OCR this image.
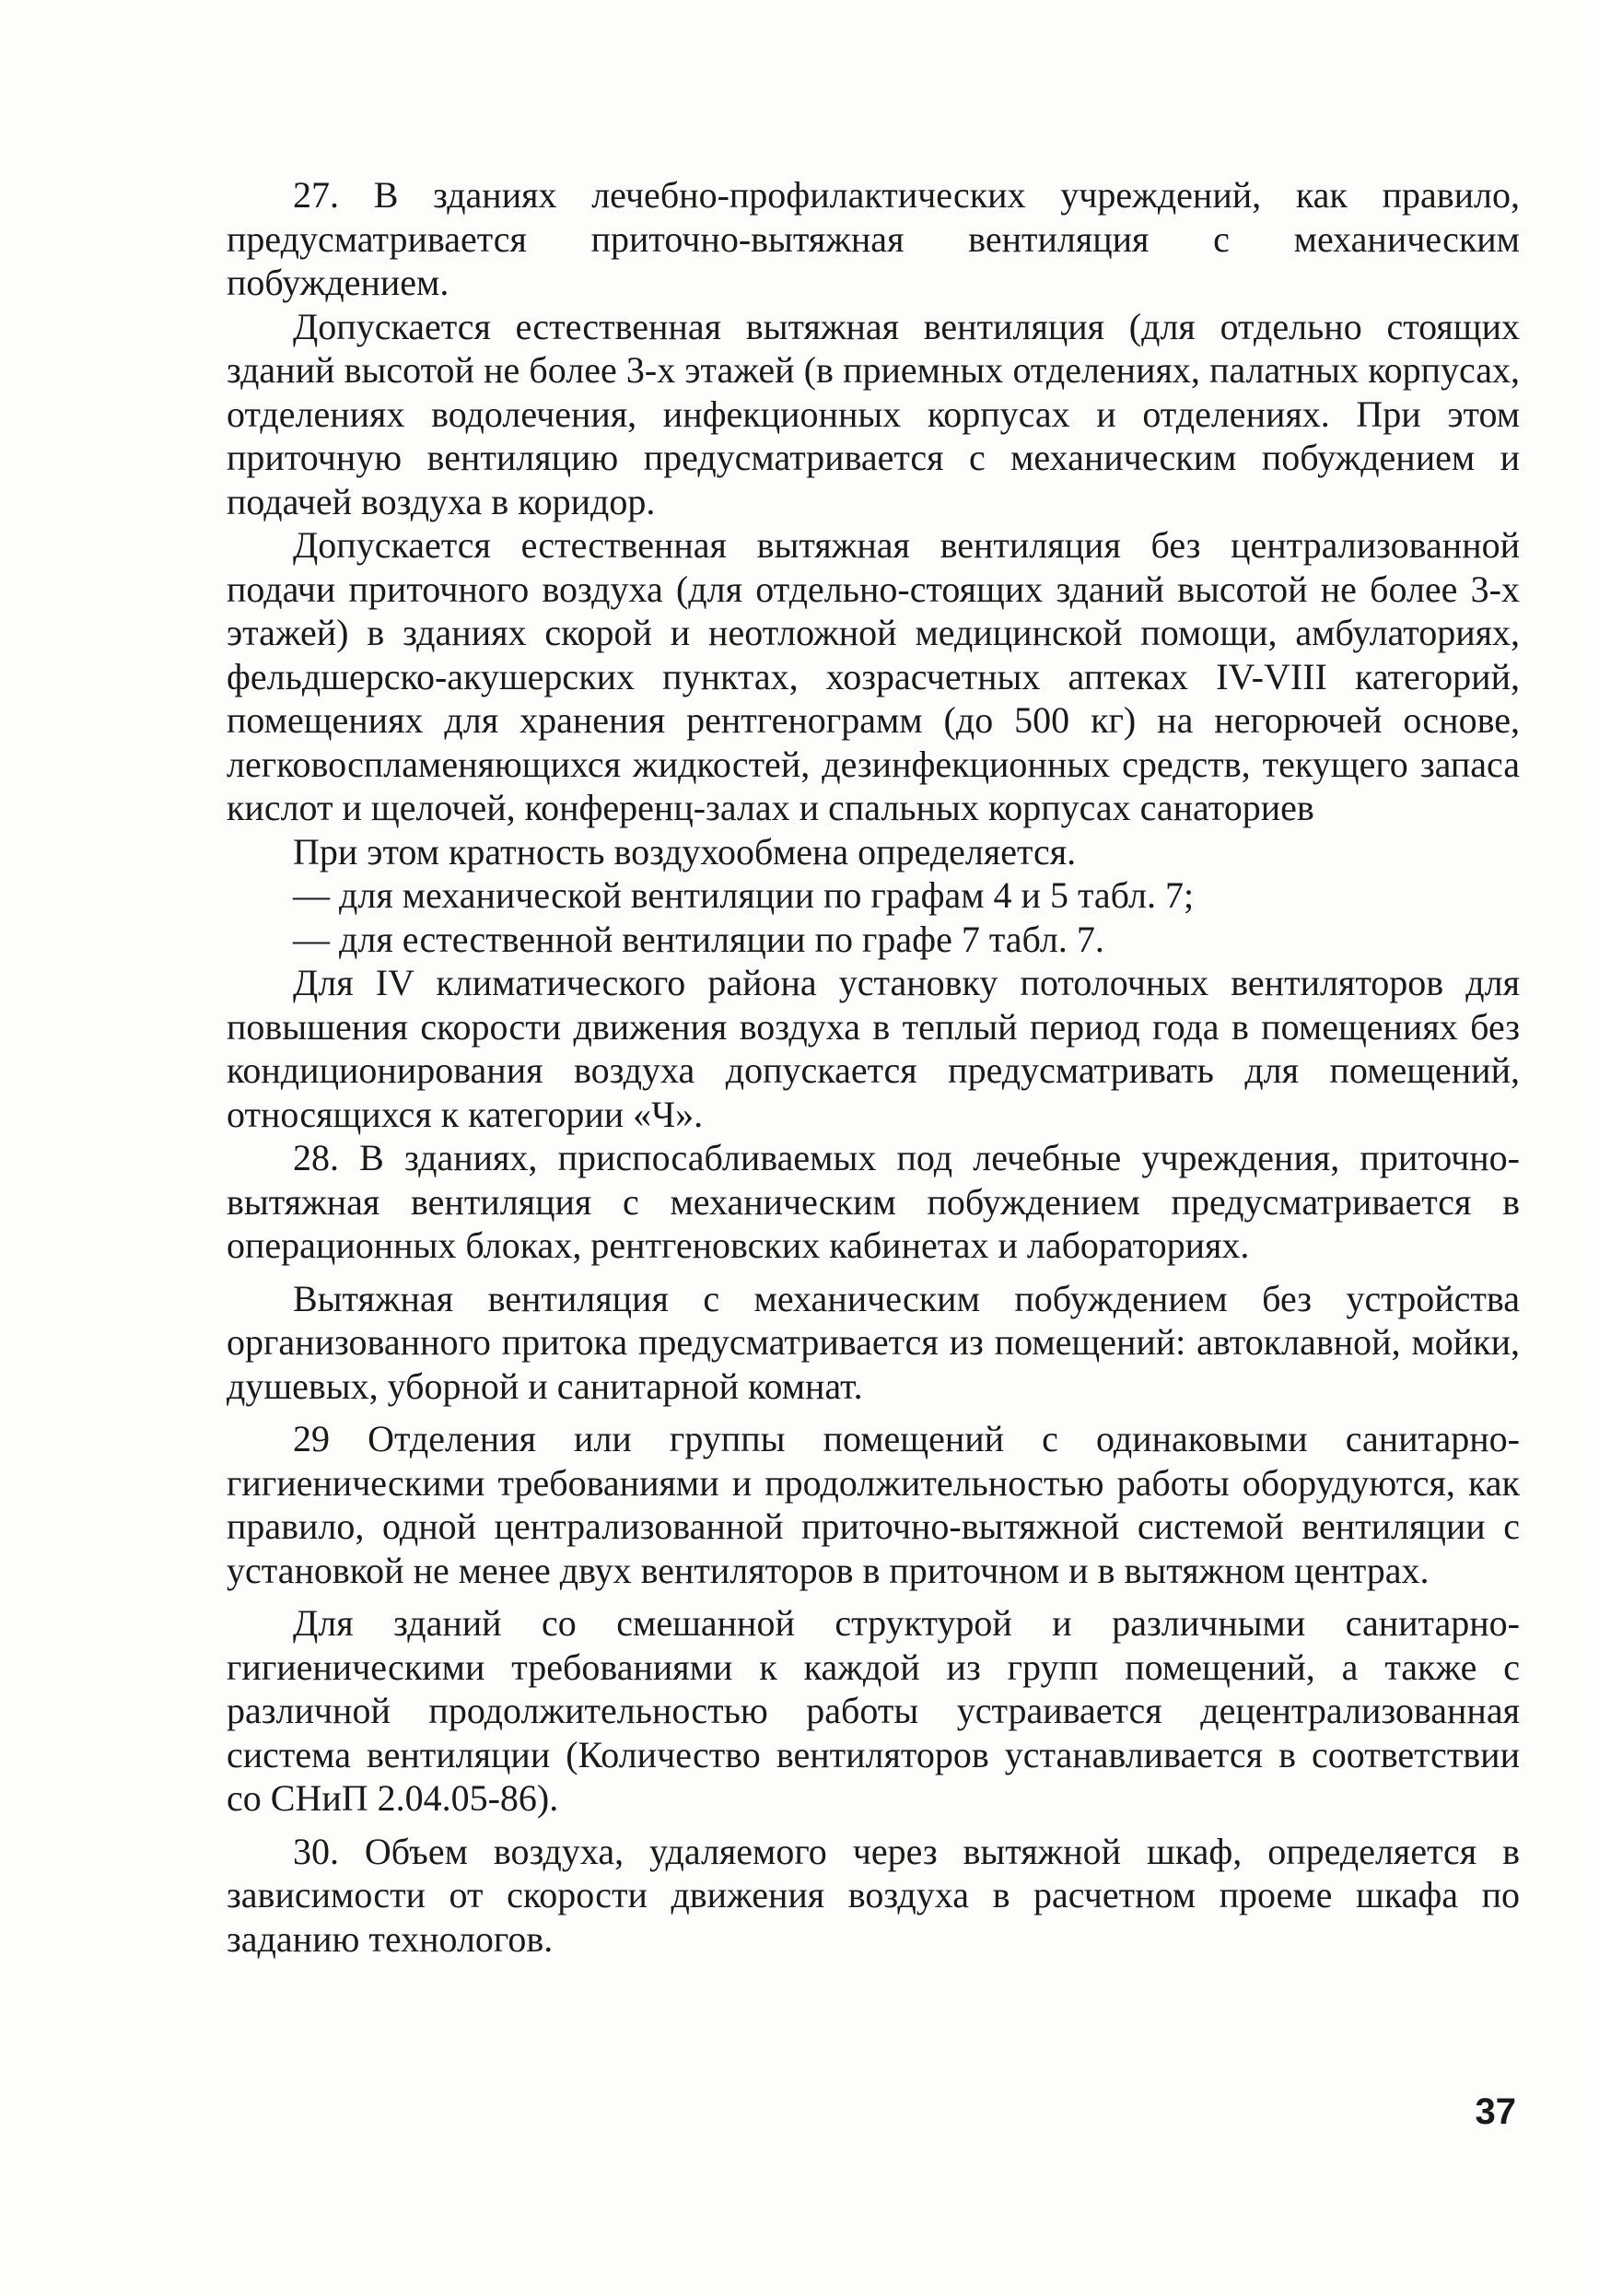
27. В зданиях лечебно-профилактических учреждений, как правило, предусматривается приточно-вытяжная вентиляция с механическим побуждением.

Допускается естественная вытяжная вентиляция (для отдельно стоящих зданий высотой не более 3-х этажей (в приемных отделениях, палатных корпусах, отделениях водолечения, инфекционных корпусах и отделениях. При этом приточную вентиляцию предусматривается с механическим побуждением и подачей воздуха в коридор.

Допускается естественная вытяжная вентиляция без централизованной подачи приточного воздуха (для отдельно-стоящих зданий высотой не более 3-х этажей) в зданиях скорой и неотложной медицинской помощи, амбулаториях, фельдшерско-акушерских пунктах, хозрасчетных аптеках IV-VIII категорий, помещениях для хранения рентгенограмм (до 500 кг) на негорючей основе, легковоспламеняющихся жидкостей, дезинфекционных средств, текущего запаса кислот и щелочей, конференц-залах и спальных корпусах санаториев

При этом кратность воздухообмена определяется.

— для механической вентиляции по графам 4 и 5 табл. 7;

— для естественной вентиляции по графе 7 табл. 7.

Для IV климатического района установку потолочных вентиляторов для повышения скорости движения воздуха в теплый период года в помещениях без кондиционирования воздуха допускается предусматривать для помещений, относящихся к категории «Ч».

28. В зданиях, приспосабливаемых под лечебные учреждения, приточно-вытяжная вентиляция с механическим побуждением предусматривается в операционных блоках, рентгеновских кабинетах и лабораториях.

Вытяжная вентиляция с механическим побуждением без устройства организованного притока предусматривается из помещений: автоклавной, мойки, душевых, уборной и санитарной комнат.

29 Отделения или группы помещений с одинаковыми санитарно-гигиеническими требованиями и продолжительностью работы оборудуются, как правило, одной централизованной приточно-вытяжной системой вентиляции с установкой не менее двух вентиляторов в приточном и в вытяжном центрах.

Для зданий со смешанной структурой и различными санитарно-гигиеническими требованиями к каждой из групп помещений, а также с различной продолжительностью работы устраивается децентрализованная система вентиляции (Количество вентиляторов устанавливается в соответствии со СНиП 2.04.05-86).

30. Объем воздуха, удаляемого через вытяжной шкаф, определяется в зависимости от скорости движения воздуха в расчетном проеме шкафа по заданию технологов.

37
